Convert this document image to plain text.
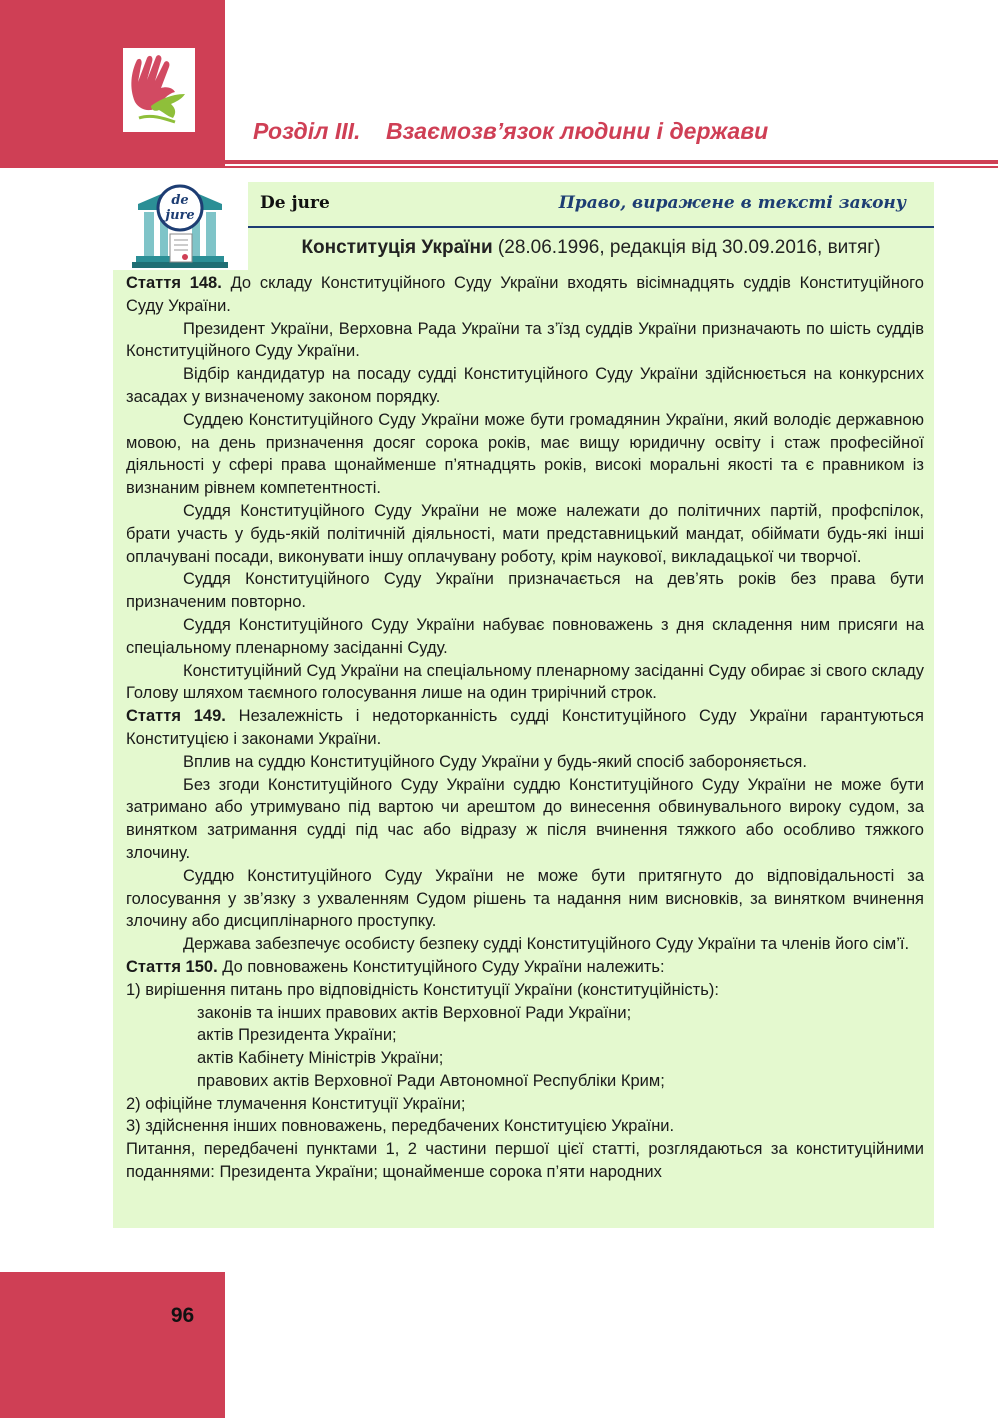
Розділ ІІІ.    Взаємозв’язок людини і держави
de
jure
De jure	Право, виражене в тексті закону
Конституція України (28.06.1996, редакція від 30.09.2016, витяг)

Стаття 148. До складу Конституційного Суду України входять вісімнадцять суддів Конституційного Суду України.

Президент України, Верховна Рада України та з’їзд суддів України призначають по шість суддів Конституційного Суду України.

Відбір кандидатур на посаду судді Конституційного Суду України здійснюється на конкурсних засадах у визначеному законом порядку.

Суддею Конституційного Суду України може бути громадянин України, який володіє державною мовою, на день призначення досяг сорока років, має вищу юридичну освіту і стаж професійної діяльності у сфері права щонайменше п’ятнадцять років, високі моральні якості та є правником із визнаним рівнем компетентності.

Суддя Конституційного Суду України не може належати до політичних партій, профспілок, брати участь у будь-якій політичній діяльності, мати представницький мандат, обіймати будь-які інші оплачувані посади, виконувати іншу оплачувану роботу, крім наукової, викладацької чи творчої.

Суддя Конституційного Суду України призначається на дев’ять років без права бути призначеним повторно.

Суддя Конституційного Суду України набуває повноважень з дня складення ним присяги на спеціальному пленарному засіданні Суду.

Конституційний Суд України на спеціальному пленарному засіданні Суду обирає зі свого складу Голову шляхом таємного голосування лише на один трирічний строк.

Стаття 149. Незалежність і недоторканність судді Конституційного Суду України гарантуються Конституцією і законами України.

Вплив на суддю Конституційного Суду України у будь-який спосіб забороняється.

Без згоди Конституційного Суду України суддю Конституційного Суду України не може бути затримано або утримувано під вартою чи арештом до винесення обвинувального вироку судом, за винятком затримання судді під час або відразу ж після вчинення тяжкого або особливо тяжкого злочину.

Суддю Конституційного Суду України не може бути притягнуто до відповідальності за голосування у зв’язку з ухваленням Судом рішень та надання ним висновків, за винятком вчинення злочину або дисциплінарного проступку.

Держава забезпечує особисту безпеку судді Конституційного Суду України та членів його сім’ї.

Стаття 150. До повноважень Конституційного Суду України належить:

1) вирішення питань про відповідність Конституції України (конституційність):

законів та інших правових актів Верховної Ради України;

актів Президента України;

актів Кабінету Міністрів України;

правових актів Верховної Ради Автономної Республіки Крим;

2) офіційне тлумачення Конституції України;

3) здійснення інших повноважень, передбачених Конституцією України.

Питання, передбачені пунктами 1, 2 частини першої цієї статті, розглядаються за конституційними поданнями: Президента України; щонайменше сорока п’яти народних

96
